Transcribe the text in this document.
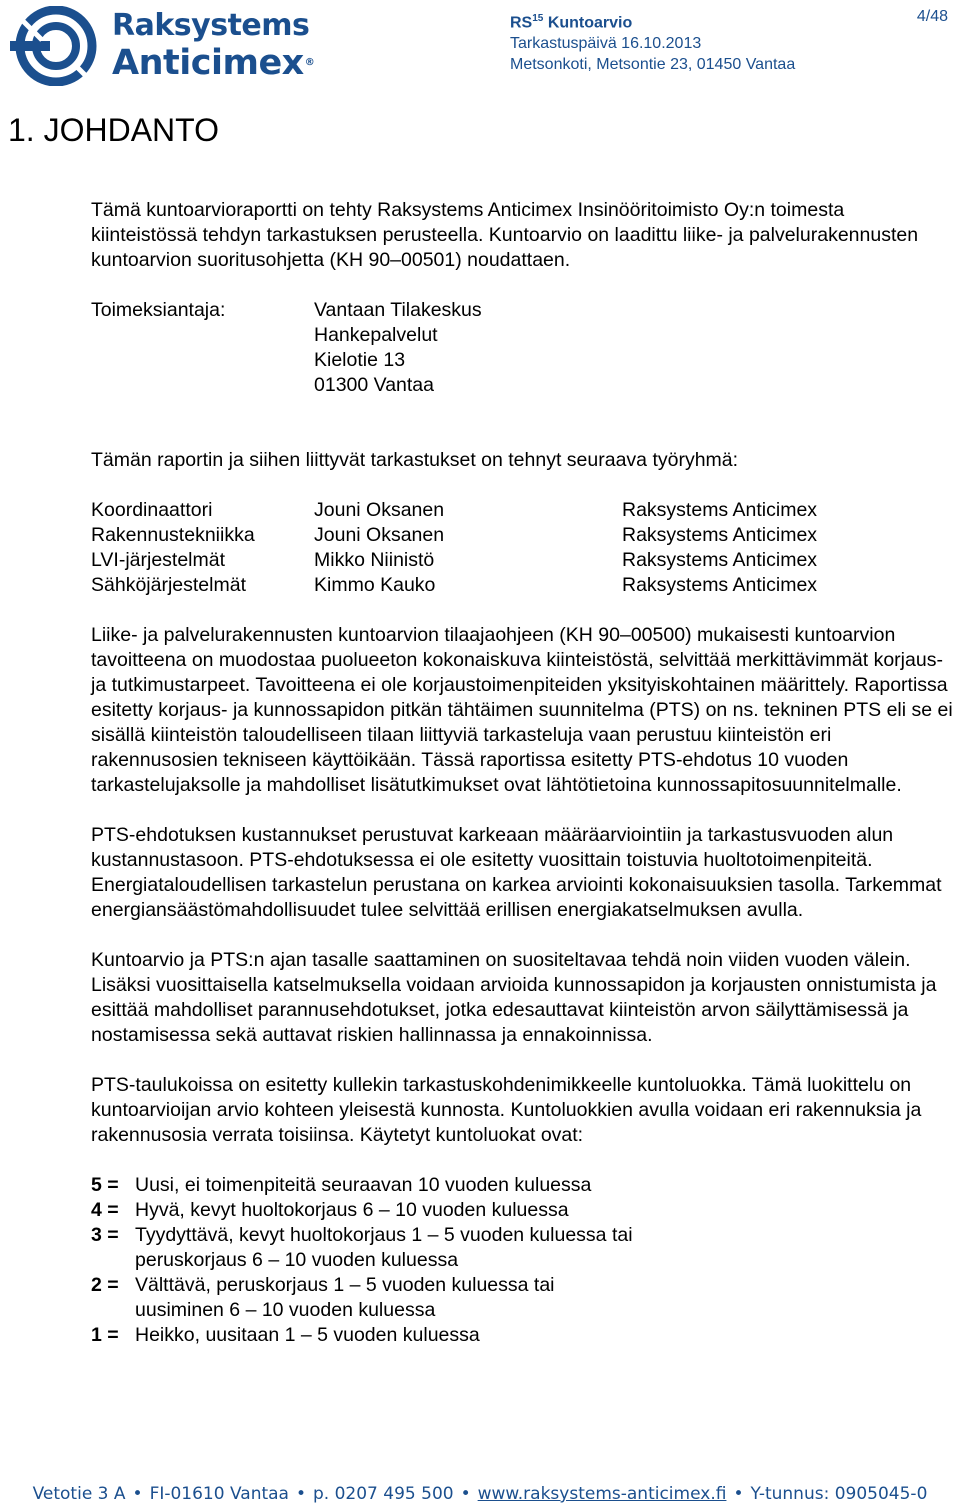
Raksystems
Anticimex®
RS$^{15}$ Kuntoarvio
Tarkastuspäivä 16.10.2013
Metsonkoti, Metsontie 23, 01450 Vantaa
4/48
1. JOHDANTO

Tämä kuntoarvioraportti on tehty Raksystems Anticimex Insinööritoimisto Oy:n toimesta kiinteistössä tehdyn tarkastuksen perusteella. Kuntoarvio on laadittu liike- ja palvelurakennusten kuntoarvion suoritusohjetta (KH 90–00501) noudattaen.

Toimeksiantaja:	Vantaan Tilakeskus
Hankepalvelut
Kielotie 13
01300 Vantaa

Tämän raportin ja siihen liittyvät tarkastukset on tehnyt seuraava työryhmä:

Koordinaattori	Jouni Oksanen	Raksystems Anticimex
Rakennustekniikka	Jouni Oksanen	Raksystems Anticimex
LVI-järjestelmät	Mikko Niinistö	Raksystems Anticimex
Sähköjärjestelmät	Kimmo Kauko	Raksystems Anticimex

Liike- ja palvelurakennusten kuntoarvion tilaajaohjeen (KH 90–00500) mukaisesti kuntoarvion tavoitteena on muodostaa puolueeton kokonaiskuva kiinteistöstä, selvittää merkittävimmät korjaus- ja tutkimustarpeet. Tavoitteena ei ole korjaustoimenpiteiden yksityiskohtainen määrittely. Raportissa esitetty korjaus- ja kunnossapidon pitkän tähtäimen suunnitelma (PTS) on ns. tekninen PTS eli se ei sisällä kiinteistön taloudelliseen tilaan liittyviä tarkasteluja vaan perustuu kiinteistön eri rakennusosien tekniseen käyttöikään. Tässä raportissa esitetty PTS-ehdotus 10 vuoden tarkastelujaksolle ja mahdolliset lisätutkimukset ovat lähtötietoina kunnossapitosuunnitelmalle.

PTS-ehdotuksen kustannukset perustuvat karkeaan määräarviointiin ja tarkastusvuoden alun kustannustasoon. PTS-ehdotuksessa ei ole esitetty vuosittain toistuvia huoltotoimenpiteitä. Energiataloudellisen tarkastelun perustana on karkea arviointi kokonaisuuksien tasolla. Tarkemmat energiansäästömahdollisuudet tulee selvittää erillisen energiakatselmuksen avulla.

Kuntoarvio ja PTS:n ajan tasalle saattaminen on suositeltavaa tehdä noin viiden vuoden välein. Lisäksi vuosittaisella katselmuksella voidaan arvioida kunnossapidon ja korjausten onnistumista ja esittää mahdolliset parannusehdotukset, jotka edesauttavat kiinteistön arvon säilyttämisessä ja nostamisessa sekä auttavat riskien hallinnassa ja ennakoinnissa.

PTS-taulukoissa on esitetty kullekin tarkastuskohdenimikkeelle kuntoluokka. Tämä luokittelu on kuntoarvioijan arvio kohteen yleisestä kunnosta. Kuntoluokkien avulla voidaan eri rakennuksia ja rakennusosia verrata toisiinsa. Käytetyt kuntoluokat ovat:

5 = Uusi, ei toimenpiteitä seuraavan 10 vuoden kuluessa
4 = Hyvä, kevyt huoltokorjaus 6 – 10 vuoden kuluessa
3 = Tyydyttävä, kevyt huoltokorjaus 1 – 5 vuoden kuluessa tai
peruskorjaus 6 – 10 vuoden kuluessa
2 = Välttävä, peruskorjaus 1 – 5 vuoden kuluessa tai
uusiminen 6 – 10 vuoden kuluessa
1 = Heikko, uusitaan 1 – 5 vuoden kuluessa
Vetotie 3 A • FI-01610 Vantaa • p. 0207 495 500 • www.raksystems-anticimex.fi • Y-tunnus: 0905045-0
